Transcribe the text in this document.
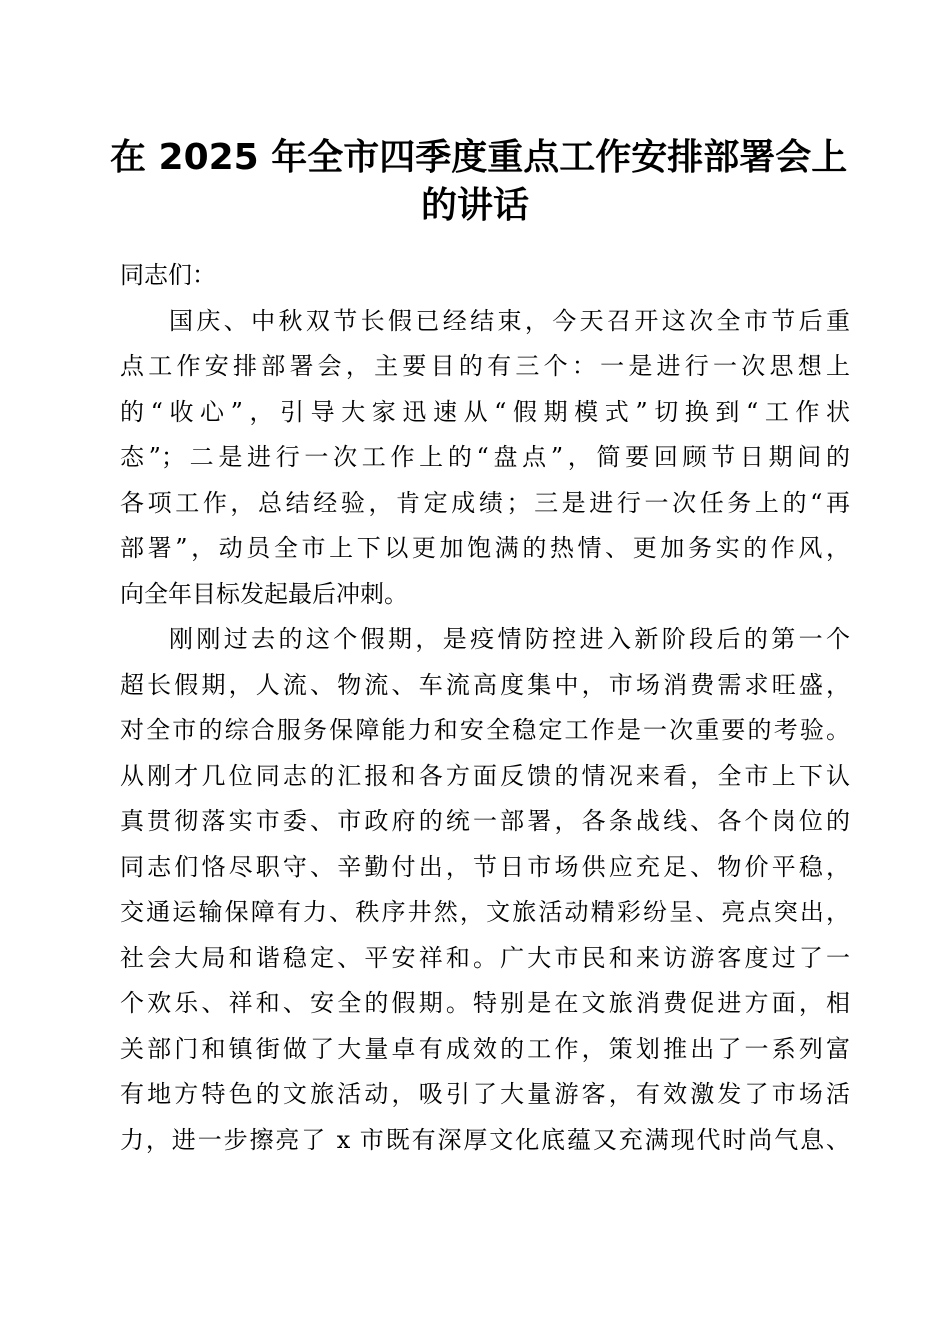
在 2025 年全市四季度重点工作安排部署会上
的讲话
同志们：
国庆、中秋双节长假已经结束，今天召开这次全市节后重
点工作安排部署会，主要目的有三个：一是进行一次思想上
的“收心”，引导大家迅速从“假期模式”切换到“工作状
态”；二是进行一次工作上的“盘点”，简要回顾节日期间的
各项工作，总结经验，肯定成绩；三是进行一次任务上的“再
部署”，动员全市上下以更加饱满的热情、更加务实的作风，
向全年目标发起最后冲刺。
刚刚过去的这个假期，是疫情防控进入新阶段后的第一个
超长假期，人流、物流、车流高度集中，市场消费需求旺盛，
对全市的综合服务保障能力和安全稳定工作是一次重要的考验。
从刚才几位同志的汇报和各方面反馈的情况来看，全市上下认
真贯彻落实市委、市政府的统一部署，各条战线、各个岗位的
同志们恪尽职守、辛勤付出，节日市场供应充足、物价平稳，
交通运输保障有力、秩序井然，文旅活动精彩纷呈、亮点突出，
社会大局和谐稳定、平安祥和。广大市民和来访游客度过了一
个欢乐、祥和、安全的假期。特别是在文旅消费促进方面，相
关部门和镇街做了大量卓有成效的工作，策划推出了一系列富
有地方特色的文旅活动，吸引了大量游客，有效激发了市场活
力，进一步擦亮了 x 市既有深厚文化底蕴又充满现代时尚气息、
